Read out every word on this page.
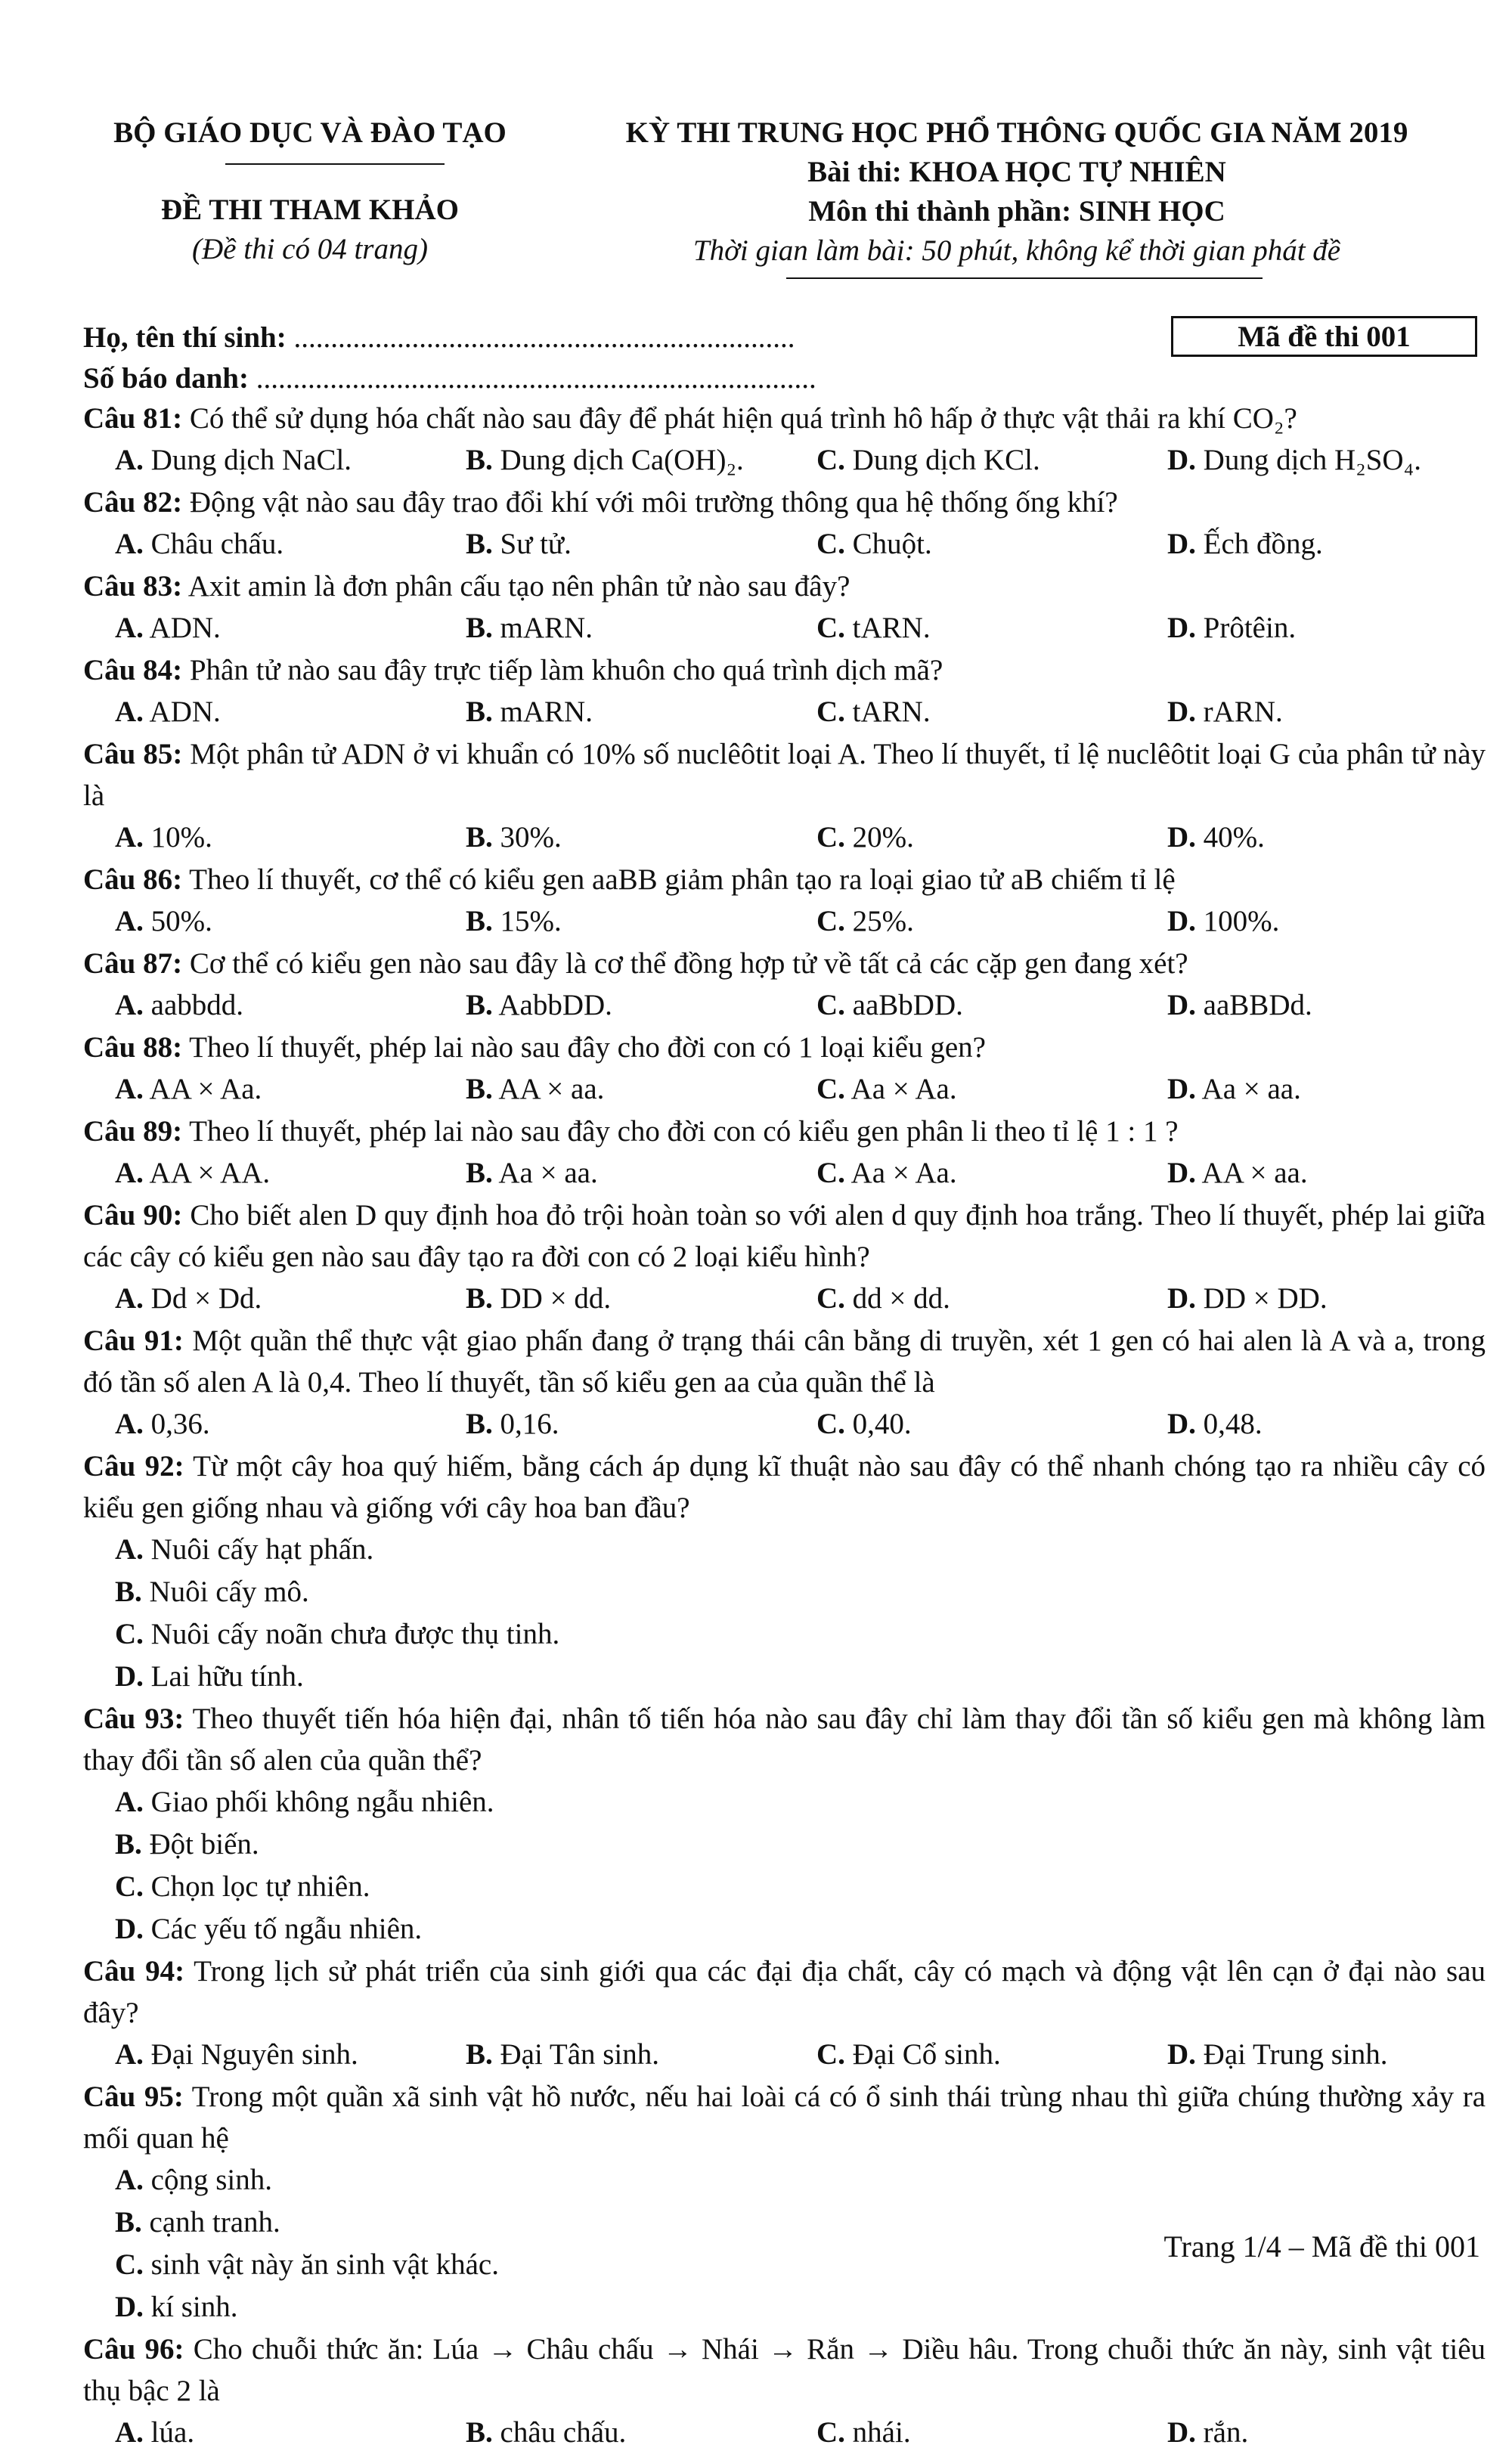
BỘ GIÁO DỤC VÀ ĐÀO TẠO
ĐỀ THI THAM KHẢO
(Đề thi có 04 trang)
KỲ THI TRUNG HỌC PHỔ THÔNG QUỐC GIA NĂM 2019
Bài thi: KHOA HỌC TỰ NHIÊN
Môn thi thành phần: SINH HỌC
Thời gian làm bài: 50 phút, không kể thời gian phát đề
Họ, tên thí sinh: ....................................................................
Số báo danh: ............................................................................
Mã đề thi 001
Câu 81: Có thể sử dụng hóa chất nào sau đây để phát hiện quá trình hô hấp ở thực vật thải ra khí CO₂?
A. Dung dịch NaCl.	B. Dung dịch Ca(OH)₂.	C. Dung dịch KCl.	D. Dung dịch H₂SO₄.
Câu 82: Động vật nào sau đây trao đổi khí với môi trường thông qua hệ thống ống khí?
A. Châu chấu.	B. Sư tử.	C. Chuột.	D. Ếch đồng.
Câu 83: Axit amin là đơn phân cấu tạo nên phân tử nào sau đây?
A. ADN.	B. mARN.	C. tARN.	D. Prôtêin.
Câu 84: Phân tử nào sau đây trực tiếp làm khuôn cho quá trình dịch mã?
A. ADN.	B. mARN.	C. tARN.	D. rARN.
Câu 85: Một phân tử ADN ở vi khuẩn có 10% số nuclêôtit loại A. Theo lí thuyết, tỉ lệ nuclêôtit loại G của phân tử này là
A. 10%.	B. 30%.	C. 20%.	D. 40%.
Câu 86: Theo lí thuyết, cơ thể có kiểu gen aaBB giảm phân tạo ra loại giao tử aB chiếm tỉ lệ
A. 50%.	B. 15%.	C. 25%.	D. 100%.
Câu 87: Cơ thể có kiểu gen nào sau đây là cơ thể đồng hợp tử về tất cả các cặp gen đang xét?
A. aabbdd.	B. AabbDD.	C. aaBbDD.	D. aaBBDd.
Câu 88: Theo lí thuyết, phép lai nào sau đây cho đời con có 1 loại kiểu gen?
A. AA × Aa.	B. AA × aa.	C. Aa × Aa.	D. Aa × aa.
Câu 89: Theo lí thuyết, phép lai nào sau đây cho đời con có kiểu gen phân li theo tỉ lệ 1 : 1 ?
A. AA × AA.	B. Aa × aa.	C. Aa × Aa.	D. AA × aa.
Câu 90: Cho biết alen D quy định hoa đỏ trội hoàn toàn so với alen d quy định hoa trắng. Theo lí thuyết, phép lai giữa các cây có kiểu gen nào sau đây tạo ra đời con có 2 loại kiểu hình?
A. Dd × Dd.	B. DD × dd.	C. dd × dd.	D. DD × DD.
Câu 91: Một quần thể thực vật giao phấn đang ở trạng thái cân bằng di truyền, xét 1 gen có hai alen là A và a, trong đó tần số alen A là 0,4. Theo lí thuyết, tần số kiểu gen aa của quần thể là
A. 0,36.	B. 0,16.	C. 0,40.	D. 0,48.
Câu 92: Từ một cây hoa quý hiếm, bằng cách áp dụng kĩ thuật nào sau đây có thể nhanh chóng tạo ra nhiều cây có kiểu gen giống nhau và giống với cây hoa ban đầu?
A. Nuôi cấy hạt phấn.
B. Nuôi cấy mô.
C. Nuôi cấy noãn chưa được thụ tinh.
D. Lai hữu tính.
Câu 93: Theo thuyết tiến hóa hiện đại, nhân tố tiến hóa nào sau đây chỉ làm thay đổi tần số kiểu gen mà không làm thay đổi tần số alen của quần thể?
A. Giao phối không ngẫu nhiên.
B. Đột biến.
C. Chọn lọc tự nhiên.
D. Các yếu tố ngẫu nhiên.
Câu 94: Trong lịch sử phát triển của sinh giới qua các đại địa chất, cây có mạch và động vật lên cạn ở đại nào sau đây?
A. Đại Nguyên sinh.	B. Đại Tân sinh.	C. Đại Cổ sinh.	D. Đại Trung sinh.
Câu 95: Trong một quần xã sinh vật hồ nước, nếu hai loài cá có ổ sinh thái trùng nhau thì giữa chúng thường xảy ra mối quan hệ
A. cộng sinh.
B. cạnh tranh.
C. sinh vật này ăn sinh vật khác.
D. kí sinh.
Câu 96: Cho chuỗi thức ăn: Lúa → Châu chấu → Nhái → Rắn → Diều hâu. Trong chuỗi thức ăn này, sinh vật tiêu thụ bậc 2 là
A. lúa.	B. châu chấu.	C. nhái.	D. rắn.
Trang 1/4 – Mã đề thi 001
